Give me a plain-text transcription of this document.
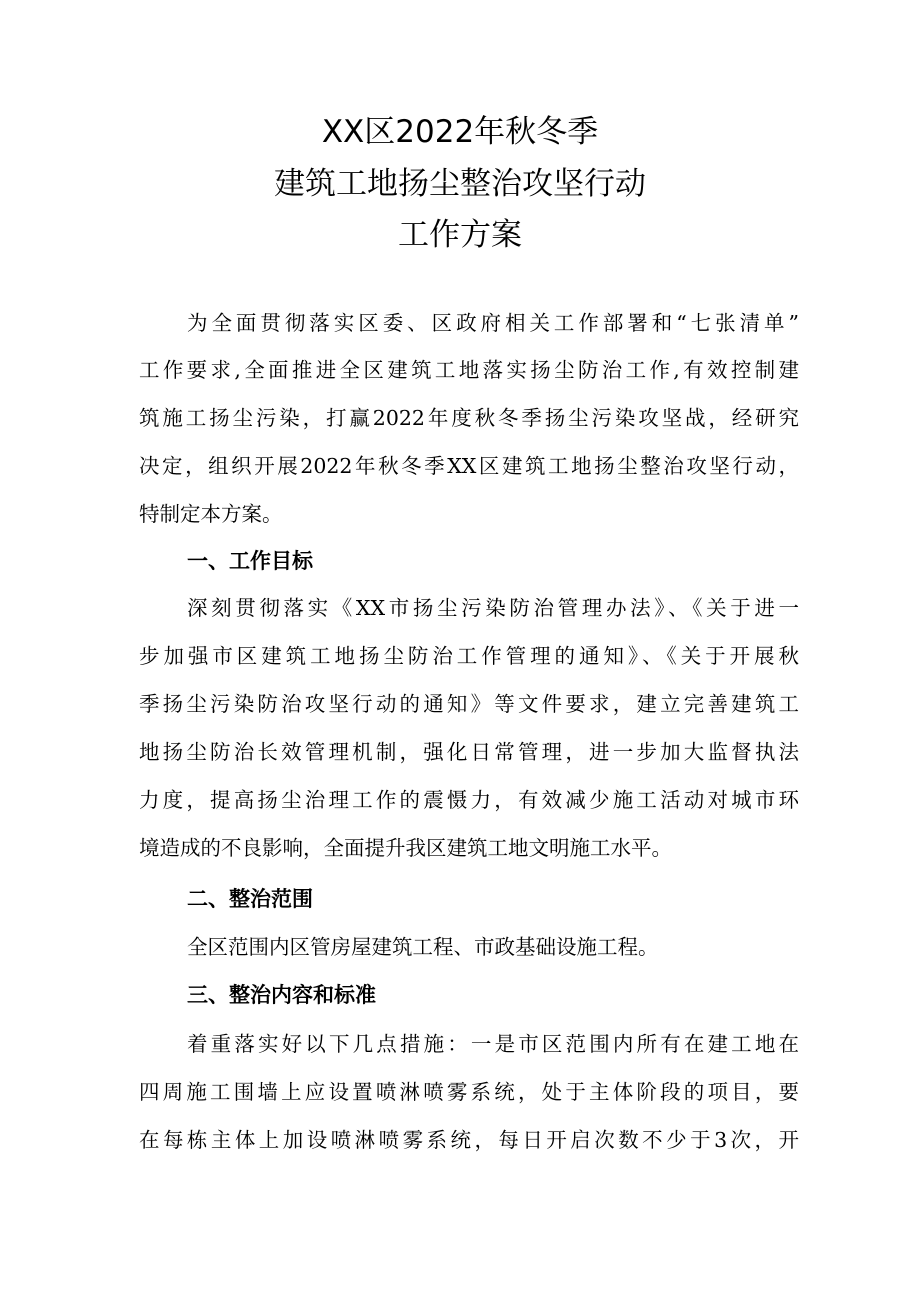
XX区2022年秋冬季
建筑工地扬尘整治攻坚行动
工作方案
为全面贯彻落实区委、区政府相关工作部署和“七张清单”
工作要求,全面推进全区建筑工地落实扬尘防治工作,有效控制建
筑施工扬尘污染，打赢2022年度秋冬季扬尘污染攻坚战，经研究
决定，组织开展2022年秋冬季XX区建筑工地扬尘整治攻坚行动，
特制定本方案。
一、工作目标
深刻贯彻落实《XX市扬尘污染防治管理办法》、《关于进一
步加强市区建筑工地扬尘防治工作管理的通知》、《关于开展秋
季扬尘污染防治攻坚行动的通知》等文件要求，建立完善建筑工
地扬尘防治长效管理机制，强化日常管理，进一步加大监督执法
力度，提高扬尘治理工作的震慑力，有效减少施工活动对城市环
境造成的不良影响，全面提升我区建筑工地文明施工水平。
二、整治范围
全区范围内区管房屋建筑工程、市政基础设施工程。
三、整治内容和标准
着重落实好以下几点措施：一是市区范围内所有在建工地在
四周施工围墙上应设置喷淋喷雾系统，处于主体阶段的项目，要
在每栋主体上加设喷淋喷雾系统，每日开启次数不少于3次，开
